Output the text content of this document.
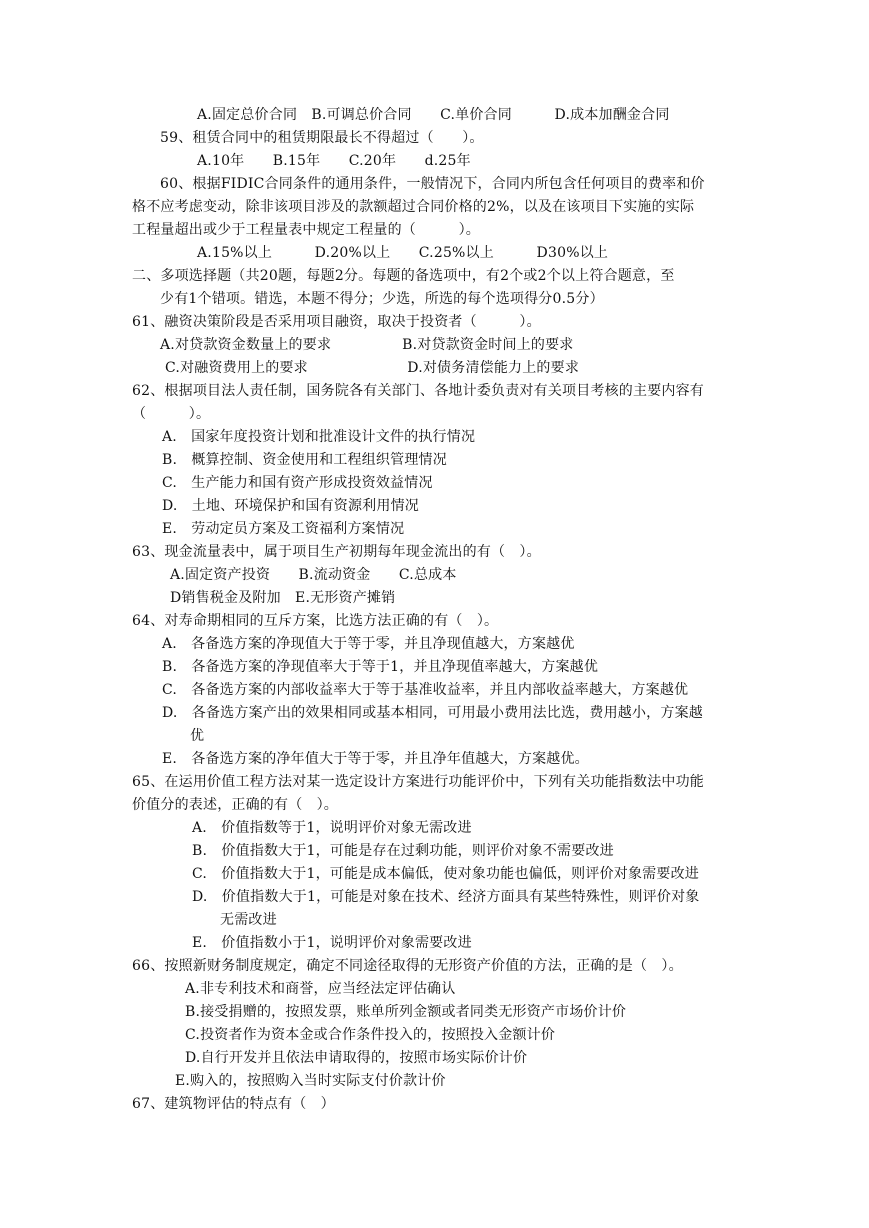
A.固定总价合同　B.可调总价合同　　C.单价合同　　　D.成本加酬金合同
59、租赁合同中的租赁期限最长不得超过（　　）。
A.10年　　B.15年　　C.20年　　d.25年
60、根据FIDIC合同条件的通用条件，一般情况下，合同内所包含任何项目的费率和价
格不应考虑变动，除非该项目涉及的款额超过合同价格的2%，以及在该项目下实施的实际
工程量超出或少于工程量表中规定工程量的（　　　）。
A.15%以上　　　D.20%以上　　C.25%以上　　　D30%以上
二、多项选择题（共20题，每题2分。每题的备选项中，有2个或2个以上符合题意，至
少有1个错项。错选，本题不得分；少选，所选的每个选项得分0.5分）
61、融资决策阶段是否采用项目融资，取决于投资者（　　　）。
A.对贷款资金数量上的要求　　　　　B.对贷款资金时间上的要求
C.对融资费用上的要求　　　　　　　D.对债务清偿能力上的要求
62、根据项目法人责任制，国务院各有关部门、各地计委负责对有关项目考核的主要内容有
（　　　）。
A.　国家年度投资计划和批准设计文件的执行情况
B.　概算控制、资金使用和工程组织管理情况
C.　生产能力和国有资产形成投资效益情况
D.　土地、环境保护和国有资源利用情况
E.　劳动定员方案及工资福利方案情况
63、现金流量表中，属于项目生产初期每年现金流出的有（　）。
A.固定资产投资　　B.流动资金　　C.总成本
D销售税金及附加　E.无形资产摊销
64、对寿命期相同的互斥方案，比选方法正确的有（　）。
A.　各备选方案的净现值大于等于零，并且净现值越大，方案越优
B.　各备选方案的净现值率大于等于1，并且净现值率越大，方案越优
C.　各备选方案的内部收益率大于等于基准收益率，并且内部收益率越大，方案越优
D.　各备选方案产出的效果相同或基本相同，可用最小费用法比选，费用越小，方案越
优
E.　各备选方案的净年值大于等于零，并且净年值越大，方案越优。
65、在运用价值工程方法对某一选定设计方案进行功能评价中，下列有关功能指数法中功能
价值分的表述，正确的有（　）。
A.　价值指数等于1，说明评价对象无需改进
B.　价值指数大于1，可能是存在过剩功能，则评价对象不需要改进
C.　价值指数大于1，可能是成本偏低，使对象功能也偏低，则评价对象需要改进
D.　价值指数大于1，可能是对象在技术、经济方面具有某些特殊性，则评价对象
无需改进
E.　价值指数小于1，说明评价对象需要改进
66、按照新财务制度规定，确定不同途径取得的无形资产价值的方法，正确的是（　）。
A.非专利技术和商誉，应当经法定评估确认
B.接受捐赠的，按照发票，账单所列金额或者同类无形资产市场价计价
C.投资者作为资本金或合作条件投入的，按照投入金额计价
D.自行开发并且依法申请取得的，按照市场实际价计价
E.购入的，按照购入当时实际支付价款计价
67、建筑物评估的特点有（　）
